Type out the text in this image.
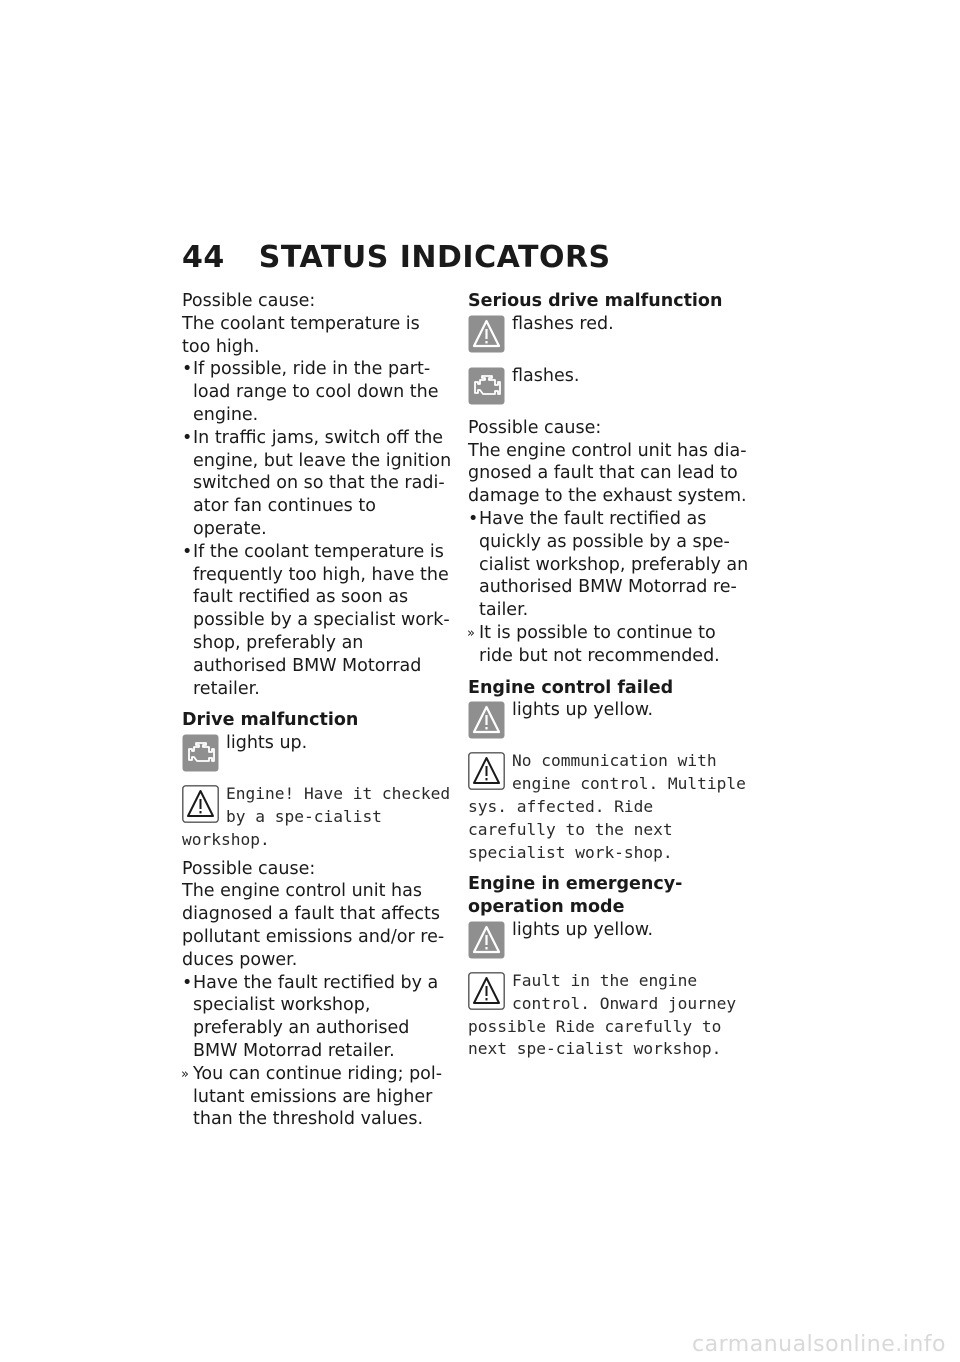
44 STATUS INDICATORS

Possible cause:

The coolant temperature is too high.

• If possible, ride in the part-load range to cool down the engine.
• In traffic jams, switch off the engine, but leave the ignition switched on so that the radi-ator fan continues to operate.
• If the coolant temperature is frequently too high, have the fault rectified as soon as possible by a specialist work-shop, preferably an authorised BMW Motorrad retailer.
Drive malfunction
lights up.
Engine! Have it checked by a spe-cialist workshop.

Possible cause:

The engine control unit has diagnosed a fault that affects pollutant emissions and/or re-duces power.

• Have the fault rectified by a specialist workshop, preferably an authorised BMW Motorrad retailer.
» You can continue riding; pol-lutant emissions are higher than the threshold values.
Serious drive malfunction
flashes red.
flashes.

Possible cause:

The engine control unit has dia-gnosed a fault that can lead to damage to the exhaust system.

• Have the fault rectified as quickly as possible by a spe-cialist workshop, preferably an authorised BMW Motorrad re-tailer.
» It is possible to continue to ride but not recommended.
Engine control failed
lights up yellow.
No communication with engine control. Multiple sys. affected. Ride carefully to the next specialist work-shop.
Engine in emergency-operation mode
lights up yellow.
Fault in the engine control. Onward journey possible Ride carefully to next spe-cialist workshop.
carmanualsonline.info
